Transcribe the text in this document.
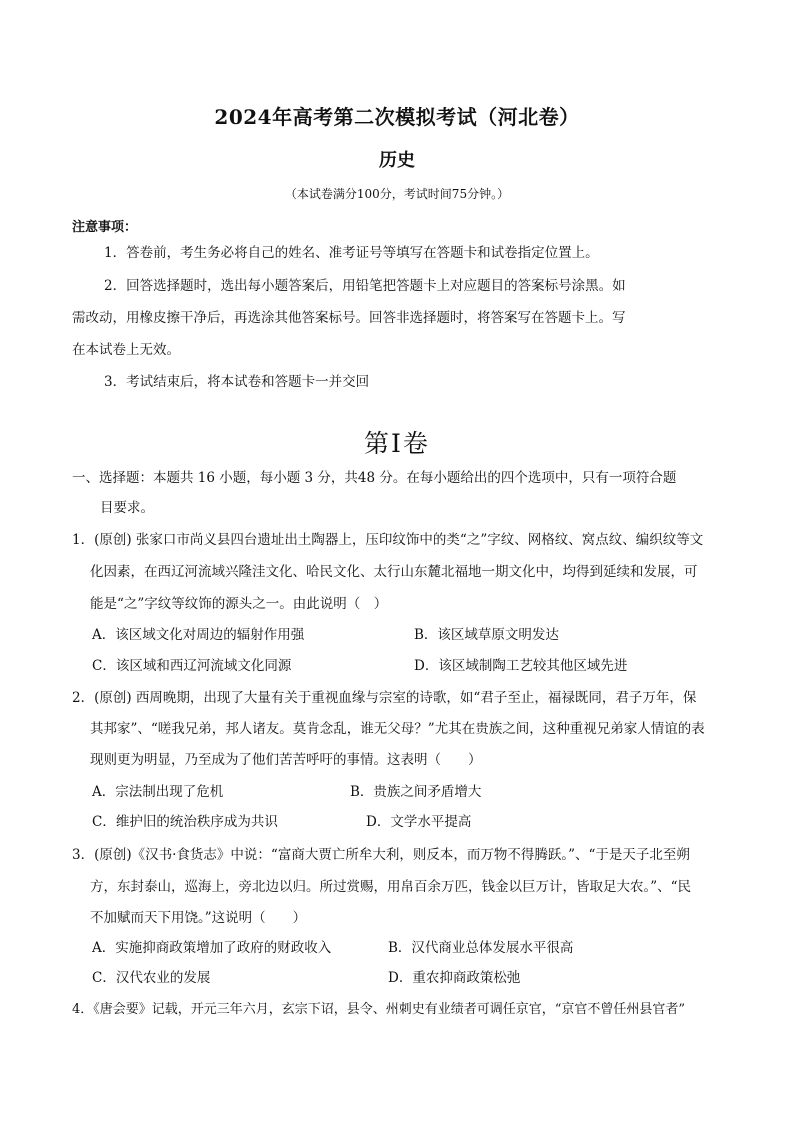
2024年高考第二次模拟考试（河北卷）
历史
（本试卷满分100分，考试时间75分钟。）
注意事项：
1．答卷前，考生务必将自己的姓名、准考证号等填写在答题卡和试卷指定位置上。
2．回答选择题时，选出每小题答案后，用铅笔把答题卡上对应题目的答案标号涂黑。如
需改动，用橡皮擦干净后，再选涂其他答案标号。回答非选择题时，将答案写在答题卡上。写
在本试卷上无效。
3．考试结束后，将本试卷和答题卡一并交回
第Ⅰ卷
一、选择题：本题共 16 小题，每小题 3 分，共48 分。在每小题给出的四个选项中，只有一项符合题
目要求。
1．(原创) 张家口市尚义县四台遗址出土陶器上，压印纹饰中的类“之”字纹、网格纹、窝点纹、编织纹等文
化因素，在西辽河流域兴隆洼文化、哈民文化、太行山东麓北福地一期文化中，均得到延续和发展，可
能是“之”字纹等纹饰的源头之一。由此说明（　）
A．该区域文化对周边的辐射作用强	B．该区域草原文明发达
C．该区域和西辽河流域文化同源	D．该区域制陶工艺较其他区域先进
2．(原创) 西周晚期，出现了大量有关于重视血缘与宗室的诗歌，如“君子至止，福禄既同，君子万年，保
其邦家”、“嗟我兄弟，邦人诸友。莫肯念乱，谁无父母？”尤其在贵族之间，这种重视兄弟家人情谊的表
现则更为明显，乃至成为了他们苦苦呼吁的事情。这表明（　　）
A．宗法制出现了危机	B．贵族之间矛盾增大
C．维护旧的统治秩序成为共识	D．文学水平提高
3．(原创)《汉书·食货志》中说：“富商大贾亡所牟大利，则反本，而万物不得腾跃。”、“于是天子北至朔
方，东封泰山，巡海上，旁北边以归。所过赏赐，用帛百余万匹，钱金以巨万计，皆取足大农。”、“民
不加赋而天下用饶。”这说明（　　）
A．实施抑商政策增加了政府的财政收入	B．汉代商业总体发展水平很高
C．汉代农业的发展	D．重农抑商政策松弛
4．《唐会要》记载，开元三年六月，玄宗下诏，县令、州刺史有业绩者可调任京官，“京官不曾任州县官者”
